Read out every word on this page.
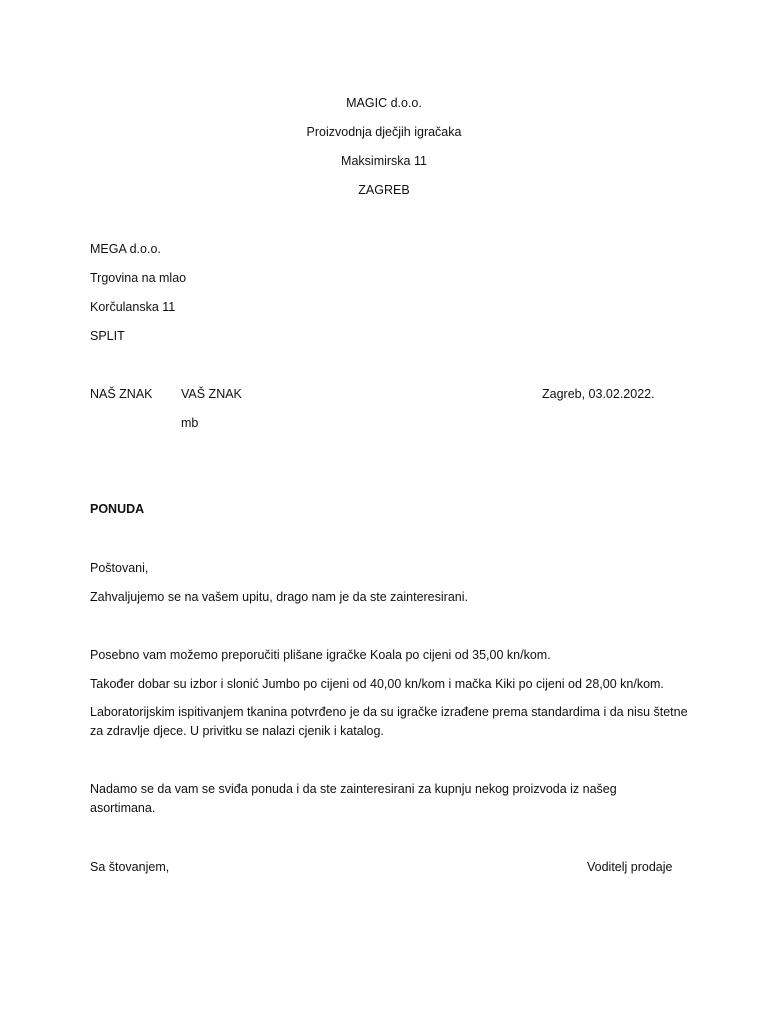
MAGIC d.o.o.
Proizvodnja dječjih igračaka
Maksimirska 11
ZAGREB
MEGA d.o.o.
Trgovina na mlao
Korčulanska 11
SPLIT
NAŠ ZNAK VAŠ ZNAK	Zagreb, 03.02.2022.
mb
PONUDA
Poštovani,
Zahvaljujemo se na vašem upitu, drago nam je da ste zainteresirani.
Posebno vam možemo preporučiti plišane igračke Koala po cijeni od 35,00 kn/kom.
Također dobar su izbor i slonić Jumbo po cijeni od 40,00 kn/kom i mačka Kiki po cijeni od 28,00 kn/kom.
Laboratorijskim ispitivanjem tkanina potvrđeno je da su igračke izrađene prema standardima i da nisu štetne za zdravlje djece. U privitku se nalazi cjenik i katalog.
Nadamo se da vam se sviđa ponuda i da ste zainteresirani za kupnju nekog proizvoda iz našeg asortimana.
Sa štovanjem,	Voditelj prodaje
